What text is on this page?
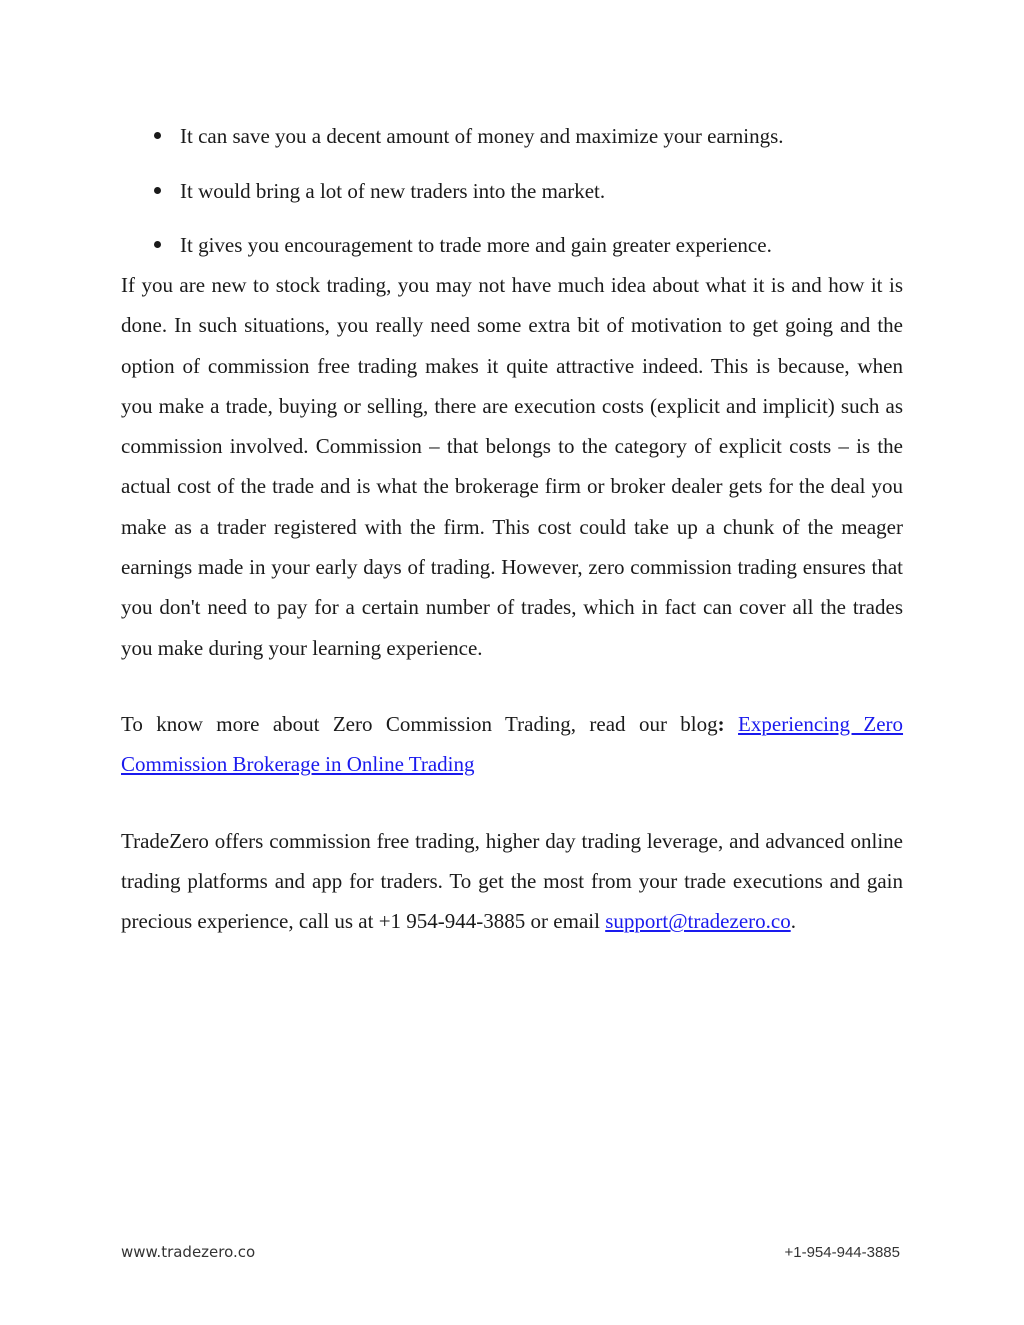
It can save you a decent amount of money and maximize your earnings.
It would bring a lot of new traders into the market.
It gives you encouragement to trade more and gain greater experience.

If you are new to stock trading, you may not have much idea about what it is and how it is done. In such situations, you really need some extra bit of motivation to get going and the option of commission free trading makes it quite attractive indeed. This is because, when you make a trade, buying or selling, there are execution costs (explicit and implicit) such as commission involved. Commission – that belongs to the category of explicit costs – is the actual cost of the trade and is what the brokerage firm or broker dealer gets for the deal you make as a trader registered with the firm. This cost could take up a chunk of the meager earnings made in your early days of trading. However, zero commission trading ensures that you don't need to pay for a certain number of trades, which in fact can cover all the trades you make during your learning experience.

To know more about Zero Commission Trading, read our blog: Experiencing Zero Commission Brokerage in Online Trading

TradeZero offers commission free trading, higher day trading leverage, and advanced online trading platforms and app for traders. To get the most from your trade executions and gain precious experience, call us at +1 954-944-3885 or email support@tradezero.co.

www.tradezero.co	+1-954-944-3885
